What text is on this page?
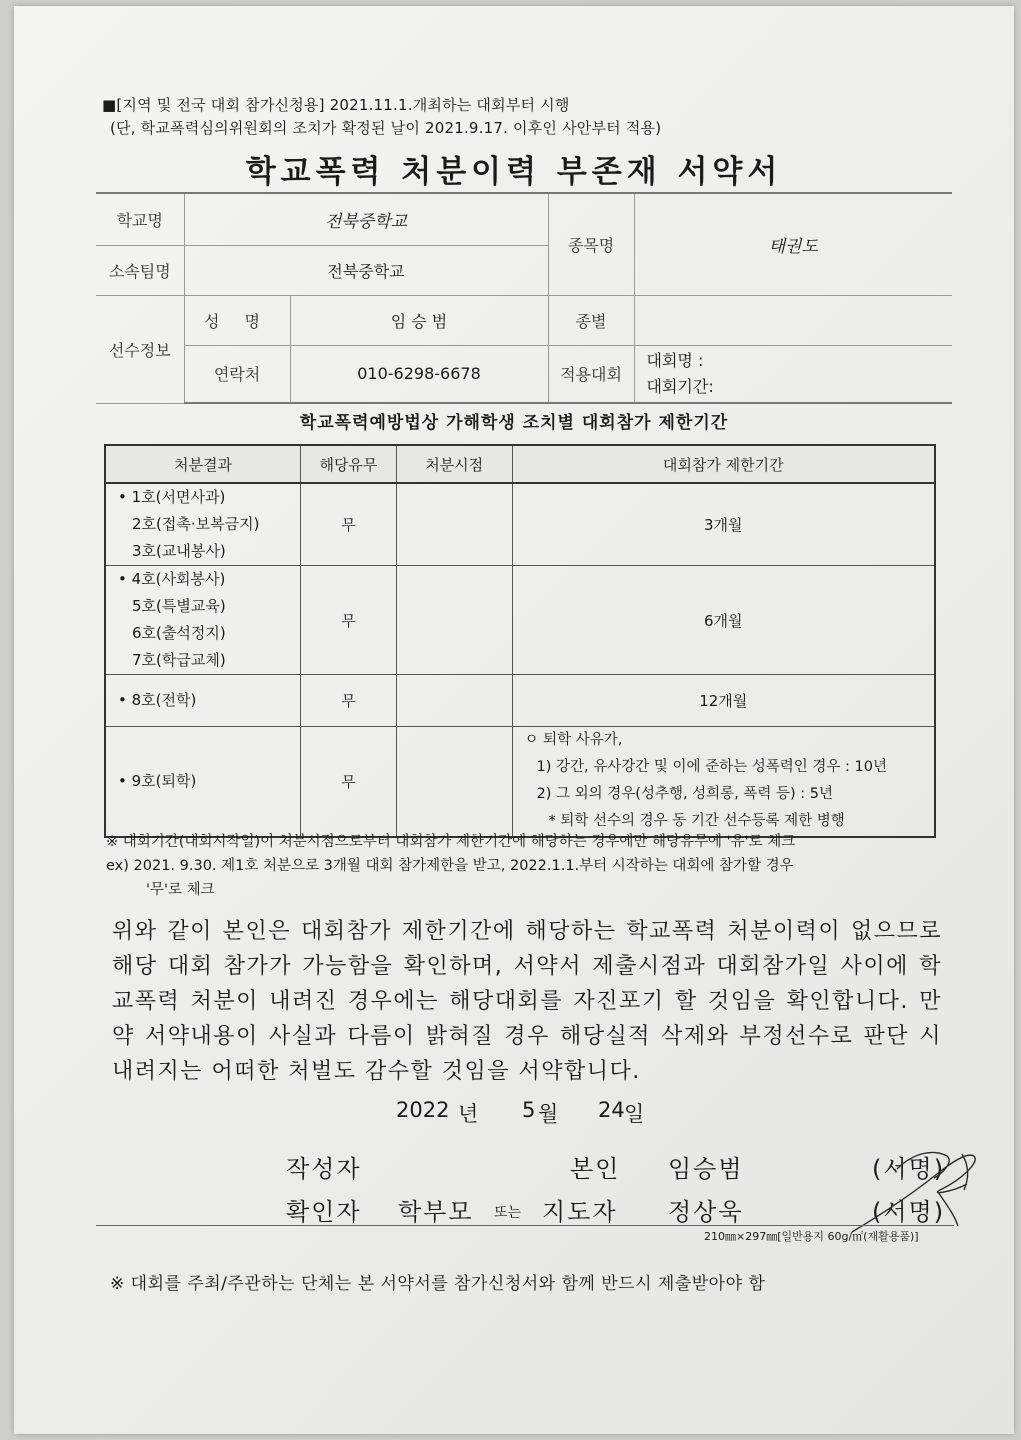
■[지역 및 전국 대회 참가신청용] 2021.11.1.개최하는 대회부터 시행
(단, 학교폭력심의위원회의 조치가 확정된 날이 2021.9.17. 이후인 사안부터 적용)
학교폭력 처분이력 부존재 서약서
학교명	전북중학교		종목명	태권도
소속팀명	전북중학교			
선수정보	성 명	임 승 범	종별	
	연락처	010-6298-6678	적용대회	대회명 :
대회기간:
학교폭력예방법상 가해학생 조치별 대회참가 제한기간
처분결과	해당유무	처분시점	대회참가 제한기간

• 1호(서면사과)
2호(접촉·보복금지)
3호(교내봉사)	무		3개월

• 4호(사회봉사)
5호(특별교육)
6호(출석정지)
7호(학급교체)	무		6개월

• 8호(전학)	무		12개월

• 9호(퇴학)	무		ㅇ 퇴학 사유가,
1) 강간, 유사강간 및 이에 준하는 성폭력인 경우 : 10년
2) 그 외의 경우(성추행, 성희롱, 폭력 등) : 5년
* 퇴학 선수의 경우 동 기간 선수등록 제한 병행
※ 대회기간(대회시작일)이 처분시점으로부터 대회참가 제한기간에 해당하는 경우에만 해당유무에 '유'로 체크
ex) 2021. 9.30. 제1호 처분으로 3개월 대회 참가제한을 받고, 2022.1.1.부터 시작하는 대회에 참가할 경우
'무'로 체크
위와 같이 본인은 대회참가 제한기간에 해당하는 학교폭력 처분이력이 없으므로 해당 대회 참가가 가능함을 확인하며, 서약서 제출시점과 대회참가일 사이에 학교폭력 처분이 내려진 경우에는 해당대회를 자진포기 할 것임을 확인합니다. 만약 서약내용이 사실과 다름이 밝혀질 경우 해당실적 삭제와 부정선수로 판단 시 내려지는 어떠한 처벌도 감수할 것임을 서약합니다.
2022 년 5 월 24 일
작성자	본인 임승범	(서명)
확인자 학부모 또는 지도자 정상욱	(서명)
210㎜×297㎜[일반용지 60g/㎡(재활용품)]
※ 대회를 주최/주관하는 단체는 본 서약서를 참가신청서와 함께 반드시 제출받아야 함
